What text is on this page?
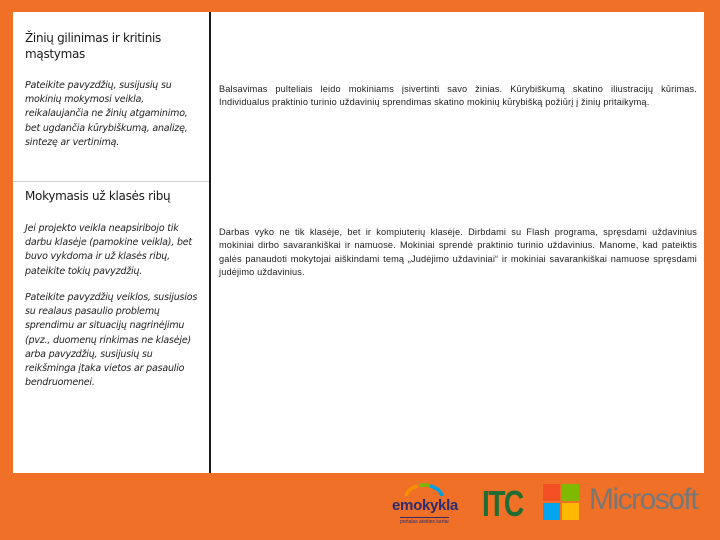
Žinių gilinimas ir kritinis mąstymas
Pateikite pavyzdžių, susijusių su mokinių mokymosi veikla, reikalaujančia ne žinių atgaminimo, bet ugdančia kūrybiškumą, analizę, sintezę ar vertinimą.
Balsavimas pulteliais leido mokiniams įsivertinti savo žinias. Kūrybiškumą skatino iliustracijų kūrimas. Individualus praktinio turinio uždavinių sprendimas skatino mokinių kūrybišką požiūrį į žinių pritaikymą.
Mokymasis už klasės ribų
Jei projekto veikla neapsiribojo tik darbu klasėje (pamokine veikla), bet buvo vykdoma ir už klasės ribų, pateikite tokių pavyzdžių.
Pateikite pavyzdžių veiklos, susijusios su realaus pasaulio problemų sprendimu ar situacijų nagrinėjimu (pvz., duomenų rinkimas ne klasėje) arba pavyzdžių, susijusių su reikšminga įtaka vietos ar pasaulio bendruomenei.
Darbas vyko ne tik klasėje, bet ir kompiuterių klasėje. Dirbdami su Flash programa, spręsdami uždavinius mokiniai dirbo savarankiškai ir namuose. Mokiniai sprendė praktinio turinio uždavinius. Manome, kad pateiktis galės panaudoti mokytojai aiškindami temą „Judėjimo uždaviniai“ ir mokiniai savarankiškai namuose spręsdami judėjimo uždavinius.
emokykla
portalas ateities kartai ITC Microsoft
